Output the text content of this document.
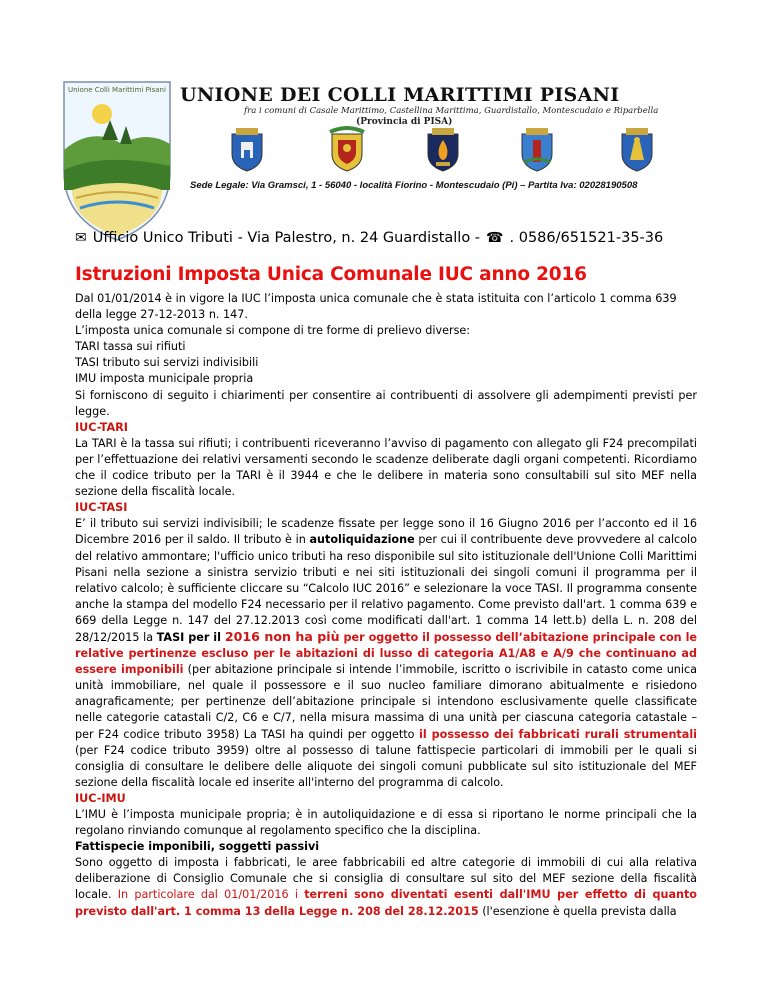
Unione Colli Marittimi Pisani UNIONE DEI COLLI MARITTIMI PISANI
fra i comuni di Casale Marittimo, Castellina Marittima, Guardistallo, Montescudaio e Riparbella
(Provincia di PISA)
Sede Legale: Via Gramsci, 1 - 56040 - località Fiorino - Montescudaio (Pi) – Partita Iva: 02028190508
✉ Ufficio Unico Tributi - Via Palestro, n. 24 Guardistallo - ☎ . 0586/651521-35-36
Istruzioni Imposta Unica Comunale IUC anno 2016

Dal 01/01/2014 è in vigore la IUC l’imposta unica comunale che è stata istituita con l’articolo 1 comma 639 della legge 27-12-2013 n. 147.

L’imposta unica comunale si compone di tre forme di prelievo diverse:

TARI tassa sui rifiuti

TASI tributo sui servizi indivisibili

IMU imposta municipale propria

Si forniscono di seguito i chiarimenti per consentire ai contribuenti di assolvere gli adempimenti previsti per legge.

IUC-TARI

La TARI è la tassa sui rifiuti; i contribuenti riceveranno l’avviso di pagamento con allegato gli F24 precompilati per l’effettuazione dei relativi versamenti secondo le scadenze deliberate dagli organi competenti. Ricordiamo che il codice tributo per la TARI è il 3944 e che le delibere in materia sono consultabili sul sito MEF nella sezione della fiscalità locale.

IUC-TASI

E’ il tributo sui servizi indivisibili; le scadenze fissate per legge sono il 16 Giugno 2016 per l’acconto ed il 16 Dicembre 2016 per il saldo. Il tributo è in autoliquidazione per cui il contribuente deve provvedere al calcolo del relativo ammontare; l'ufficio unico tributi ha reso disponibile sul sito istituzionale dell'Unione Colli Marittimi Pisani nella sezione a sinistra servizio tributi e nei siti istituzionali dei singoli comuni il programma per il relativo calcolo; è sufficiente cliccare su “Calcolo IUC 2016” e selezionare la voce TASI. Il programma consente anche la stampa del modello F24 necessario per il relativo pagamento. Come previsto dall'art. 1 comma 639 e 669 della Legge n. 147 del 27.12.2013 così come modificati dall'art. 1 comma 14 lett.b) della L. n. 208 del 28/12/2015 la TASI per il 2016 non ha più per oggetto il possesso dell’abitazione principale con le relative pertinenze escluso per le abitazioni di lusso di categoria A1/A8 e A/9 che continuano ad essere imponibili (per abitazione principale si intende l’immobile, iscritto o iscrivibile in catasto come unica unità immobiliare, nel quale il possessore e il suo nucleo familiare dimorano abitualmente e risiedono anagraficamente; per pertinenze dell’abitazione principale si intendono esclusivamente quelle classificate nelle categorie catastali C/2, C6 e C/7, nella misura massima di una unità per ciascuna categoria catastale – per F24 codice tributo 3958) La TASI ha quindi per oggetto il possesso dei fabbricati rurali strumentali (per F24 codice tributo 3959) oltre al possesso di talune fattispecie particolari di immobili per le quali si consiglia di consultare le delibere delle aliquote dei singoli comuni pubblicate sul sito istituzionale del MEF sezione della fiscalità locale ed inserite all'interno del programma di calcolo.

IUC-IMU

L’IMU è l’imposta municipale propria; è in autoliquidazione e di essa si riportano le norme principali che la regolano rinviando comunque al regolamento specifico che la disciplina.

Fattispecie imponibili, soggetti passivi

Sono oggetto di imposta i fabbricati, le aree fabbricabili ed altre categorie di immobili di cui alla relativa deliberazione di Consiglio Comunale che si consiglia di consultare sul sito del MEF sezione della fiscalità locale. In particolare dal 01/01/2016 i terreni sono diventati esenti dall'IMU per effetto di quanto previsto dall'art. 1 comma 13 della Legge n. 208 del 28.12.2015 (l'esenzione è quella prevista dalla
